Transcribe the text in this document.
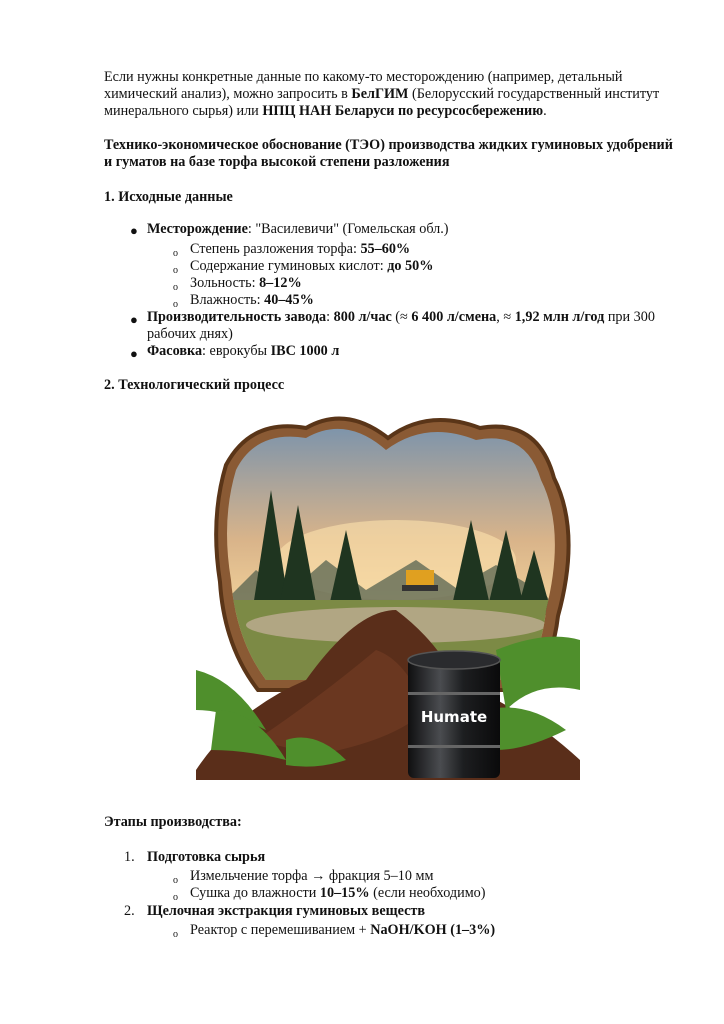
Если нужны конкретные данные по какому-то месторождению (например, детальный химический анализ), можно запросить в БелГИМ (Белорусский государственный институт минерального сырья) или НПЦ НАН Беларуси по ресурсосбережению.
Технико-экономическое обоснование (ТЭО) производства жидких гуминовых удобрений и гуматов на базе торфа высокой степени разложения
1. Исходные данные
● Месторождение: "Василевичи" (Гомельская обл.)
o Степень разложения торфа: 55–60%
o Содержание гуминовых кислот: до 50%
o Зольность: 8–12%
o Влажность: 40–45%
● Производительность завода: 800 л/час (≈ 6 400 л/смена, ≈ 1,92 млн л/год при 300 рабочих днях)
● Фасовка: еврокубы IBC 1000 л
2. Технологический процесс
Humate
Этапы производства:
1. Подготовка сырья
o Измельчение торфа → фракция 5–10 мм
o Сушка до влажности 10–15% (если необходимо)
2. Щелочная экстракция гуминовых веществ
o Реактор с перемешиванием + NaOH/KOH (1–3%)
